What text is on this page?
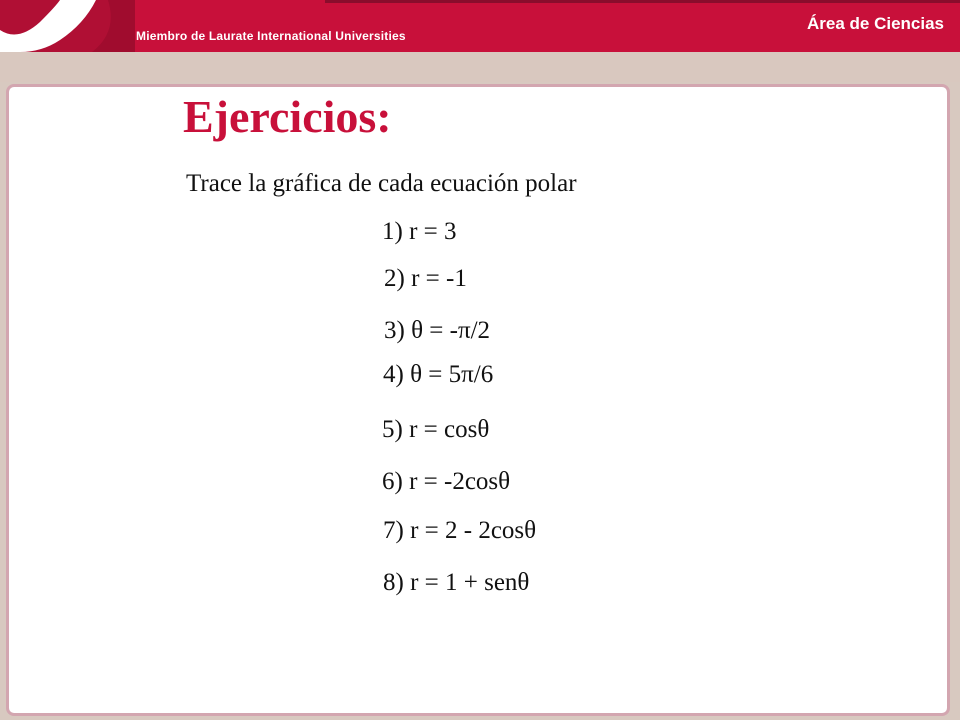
Miembro de Laurate International Universities
Área de Ciencias
Ejercicios:
Trace la gráfica de cada ecuación polar
1) r = 3
2) r = -1
3) θ = -π/2
4) θ = 5π/6
5) r = cosθ
6) r = -2cosθ
7) r = 2 - 2cosθ
8) r = 1 + senθ
